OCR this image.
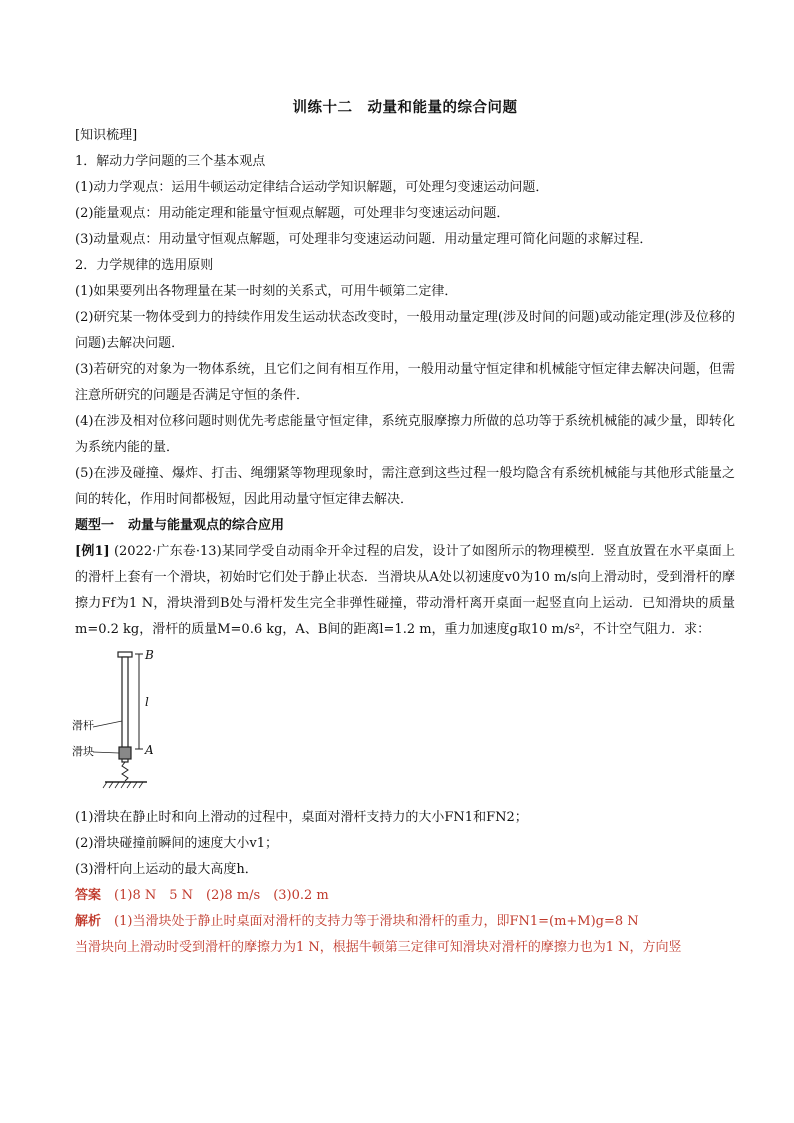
训练十二　动量和能量的综合问题
[知识梳理]
1．解动力学问题的三个基本观点
(1)动力学观点：运用牛顿运动定律结合运动学知识解题，可处理匀变速运动问题．
(2)能量观点：用动能定理和能量守恒观点解题，可处理非匀变速运动问题．
(3)动量观点：用动量守恒观点解题，可处理非匀变速运动问题．用动量定理可简化问题的求解过程．
2．力学规律的选用原则
(1)如果要列出各物理量在某一时刻的关系式，可用牛顿第二定律．
(2)研究某一物体受到力的持续作用发生运动状态改变时，一般用动量定理(涉及时间的问题)或动能定理(涉及位移的问题)去解决问题．
(3)若研究的对象为一物体系统，且它们之间有相互作用，一般用动量守恒定律和机械能守恒定律去解决问题，但需注意所研究的问题是否满足守恒的条件．
(4)在涉及相对位移问题时则优先考虑能量守恒定律，系统克服摩擦力所做的总功等于系统机械能的减少量，即转化为系统内能的量．
(5)在涉及碰撞、爆炸、打击、绳绷紧等物理现象时，需注意到这些过程一般均隐含有系统机械能与其他形式能量之间的转化，作用时间都极短，因此用动量守恒定律去解决．
题型一 动量与能量观点的综合应用
[例1] (2022·广东卷·13)某同学受自动雨伞开伞过程的启发，设计了如图所示的物理模型．竖直放置在水平桌面上的滑杆上套有一个滑块，初始时它们处于静止状态．当滑块从A处以初速度v0为10 m/s向上滑动时，受到滑杆的摩擦力Ff为1 N，滑块滑到B处与滑杆发生完全非弹性碰撞，带动滑杆离开桌面一起竖直向上运动．已知滑块的质量m=0.2 kg，滑杆的质量M=0.6 kg，A、B间的距离l=1.2 m，重力加速度g取10 m/s²，不计空气阻力．求：
B
l
A
滑杆
滑块
(1)滑块在静止时和向上滑动的过程中，桌面对滑杆支持力的大小FN1和FN2；
(2)滑块碰撞前瞬间的速度大小v1；
(3)滑杆向上运动的最大高度h．
答案　 (1)8 N　5 N　(2)8 m/s　(3)0.2 m
解析　 (1)当滑块处于静止时桌面对滑杆的支持力等于滑块和滑杆的重力，即FN1=(m+M)g=8 N
当滑块向上滑动时受到滑杆的摩擦力为1 N，根据牛顿第三定律可知滑块对滑杆的摩擦力也为1 N，方向竖
